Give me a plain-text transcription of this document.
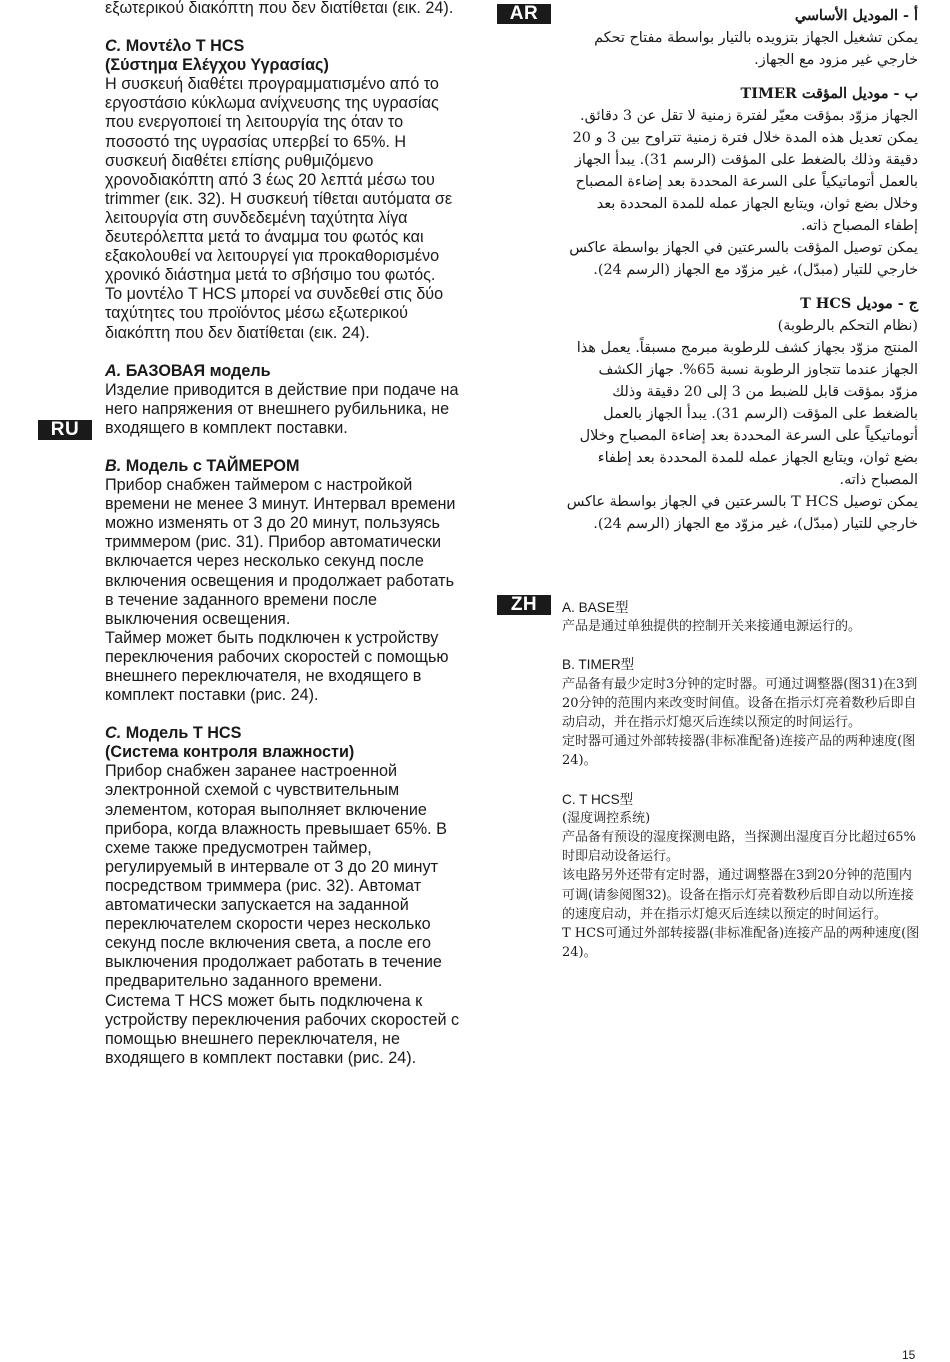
RU
AR
ZH

εξωτερικού διακόπτη που δεν διατίθεται (εικ. 24).

C. Μοντέλο T HCS

(Σύστημα Ελέγχου Υγρασίας)

Η συσκευή διαθέτει προγραμματισμένο από το εργοστάσιο κύκλωμα ανίχνευσης της υγρασίας που ενεργοποιεί τη λειτουργία της όταν το ποσοστό της υγρασίας υπερβεί το 65%. Η συσκευή διαθέτει επίσης ρυθμιζόμενο χρονοδιακόπτη από 3 έως 20 λεπτά μέσω του trimmer (εικ. 32). Η συσκευή τίθεται αυτόματα σε λειτουργία στη συνδεδεμένη ταχύτητα λίγα δευτερόλεπτα μετά το άναμμα του φωτός και εξακολουθεί να λειτουργεί για προκαθορισμένο χρονικό διάστημα μετά το σβήσιμο του φωτός.

Το μοντέλο T HCS μπορεί να συνδεθεί στις δύο ταχύτητες του προϊόντος μέσω εξωτερικού διακόπτη που δεν διατίθεται (εικ. 24).

A. БАЗОВАЯ модель

Изделие приводится в действие при подаче на него напряжения от внешнего рубильника, не входящего в комплект поставки.

B. Модель с ТАЙМЕРОМ

Прибор снабжен таймером с настройкой времени не менее 3 минут. Интервал времени можно изменять от 3 до 20 минут, пользуясь триммером (рис. 31). Прибор автоматически включается через несколько секунд после включения освещения и продолжает работать в течение заданного времени после выключения освещения.

Таймер может быть подключен к устройству переключения рабочих скоростей с помощью внешнего переключателя, не входящего в комплект поставки (рис. 24).

C. Модель T HCS

(Система контроля влажности)

Прибор снабжен заранее настроенной электронной схемой с чувствительным элементом, которая выполняет включение прибора, когда влажность превышает 65%. В схеме также предусмотрен таймер, регулируемый в интервале от 3 до 20 минут посредством триммера (рис. 32). Автомат автоматически запускается на заданной переключателем скорости через несколько секунд после включения света, а после его выключения продолжает работать в течение предварительно заданного времени.

Система T HCS может быть подключена к устройству переключения рабочих скоростей с помощью внешнего переключателя, не входящего в комплект поставки (рис. 24).

أ - الموديل الأساسي

يمكن تشغيل الجهاز بتزويده بالتيار بواسطة مفتاح تحكم خارجي غير مزود مع الجهاز.

ب - موديل المؤقت TIMER

الجهاز مزوّد بمؤقت معيّر لفترة زمنية لا تقل عن 3 دقائق. يمكن تعديل هذه المدة خلال فترة زمنية تتراوح بين 3 و 20 دقيقة وذلك بالضغط على المؤقت (الرسم 31). يبدأ الجهاز بالعمل أتوماتيكياً على السرعة المحددة بعد إضاءة المصباح وخلال بضع ثوان، ويتابع الجهاز عمله للمدة المحددة بعد إطفاء المصباح ذاته.

يمكن توصيل المؤقت بالسرعتين في الجهاز بواسطة عاكس خارجي للتيار (مبدّل)، غير مزوّد مع الجهاز (الرسم 24).

ج - موديل T HCS

(نظام التحكم بالرطوبة)

المنتج مزوّد بجهاز كشف للرطوبة مبرمج مسبقاً. يعمل هذا الجهاز عندما تتجاوز الرطوبة نسبة 65%. جهاز الكشف مزوّد بمؤقت قابل للضبط من 3 إلى 20 دقيقة وذلك بالضغط على المؤقت (الرسم 31). يبدأ الجهاز بالعمل أتوماتيكياً على السرعة المحددة بعد إضاءة المصباح وخلال بضع ثوان، ويتابع الجهاز عمله للمدة المحددة بعد إطفاء المصباح ذاته.

يمكن توصيل T HCS بالسرعتين في الجهاز بواسطة عاكس خارجي للتيار (مبدّل)، غير مزوّد مع الجهاز (الرسم 24).

A. BASE型

产品是通过单独提供的控制开关来接通电源运行的。

B. TIMER型

产品备有最少定时3分钟的定时器。可通过调整器(图31)在3到20分钟的范围内来改变时间值。设备在指示灯亮着数秒后即自动启动，并在指示灯熄灭后连续以预定的时间运行。

定时器可通过外部转接器(非标准配备)连接产品的两种速度(图24)。

C. T HCS型

(湿度调控系统)

产品备有预设的湿度探测电路，当探测出湿度百分比超过65%时即启动设备运行。

该电路另外还带有定时器，通过调整器在3到20分钟的范围内可调(请参阅图32)。设备在指示灯亮着数秒后即自动以所连接的速度启动，并在指示灯熄灭后连续以预定的时间运行。

T HCS可通过外部转接器(非标准配备)连接产品的两种速度(图24)。

15
